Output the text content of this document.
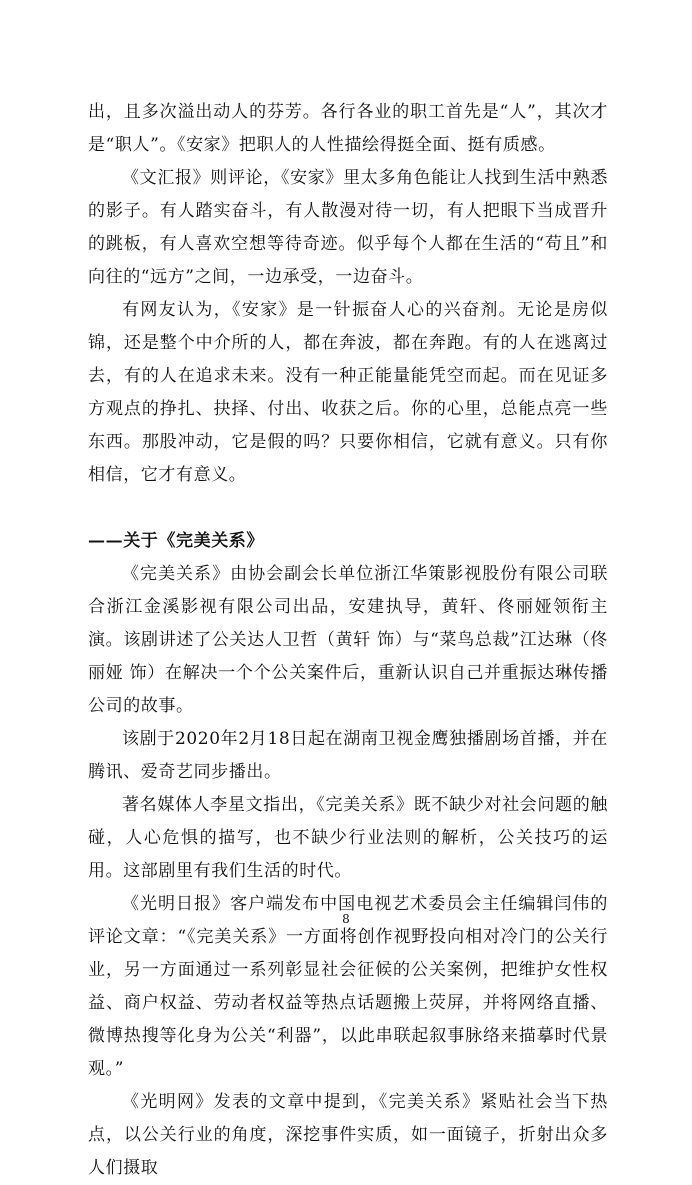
出，且多次溢出动人的芬芳。各行各业的职工首先是“人”，其次才是“职人”。《安家》把职人的人性描绘得挺全面、挺有质感。

《文汇报》则评论，《安家》里太多角色能让人找到生活中熟悉的影子。有人踏实奋斗，有人散漫对待一切，有人把眼下当成晋升的跳板，有人喜欢空想等待奇迹。似乎每个人都在生活的“苟且”和向往的“远方”之间，一边承受，一边奋斗。

有网友认为，《安家》是一针振奋人心的兴奋剂。无论是房似锦，还是整个中介所的人，都在奔波，都在奔跑。有的人在逃离过去，有的人在追求未来。没有一种正能量能凭空而起。而在见证多方观点的挣扎、抉择、付出、收获之后。你的心里，总能点亮一些东西。那股冲动，它是假的吗？只要你相信，它就有意义。只有你相信，它才有意义。

——关于《完美关系》

《完美关系》由协会副会长单位浙江华策影视股份有限公司联合浙江金溪影视有限公司出品，安建执导，黄轩、佟丽娅领衔主演。该剧讲述了公关达人卫哲（黄轩 饰）与“菜鸟总裁”江达琳（佟丽娅 饰）在解决一个个公关案件后，重新认识自己并重振达琳传播公司的故事。

该剧于2020年2月18日起在湖南卫视金鹰独播剧场首播，并在腾讯、爱奇艺同步播出。

著名媒体人李星文指出，《完美关系》既不缺少对社会问题的触碰，人心危惧的描写，也不缺少行业法则的解析，公关技巧的运用。这部剧里有我们生活的时代。

《光明日报》客户端发布中国电视艺术委员会主任编辑闫伟的评论文章：“《完美关系》一方面将创作视野投向相对冷门的公关行业，另一方面通过一系列彰显社会征候的公关案例，把维护女性权益、商户权益、劳动者权益等热点话题搬上荧屏，并将网络直播、微博热搜等化身为公关“利器”，以此串联起叙事脉络来描摹时代景观。”

《光明网》发表的文章中提到，《完美关系》紧贴社会当下热点，以公关行业的角度，深挖事件实质，如一面镜子，折射出众多人们摄取

8
